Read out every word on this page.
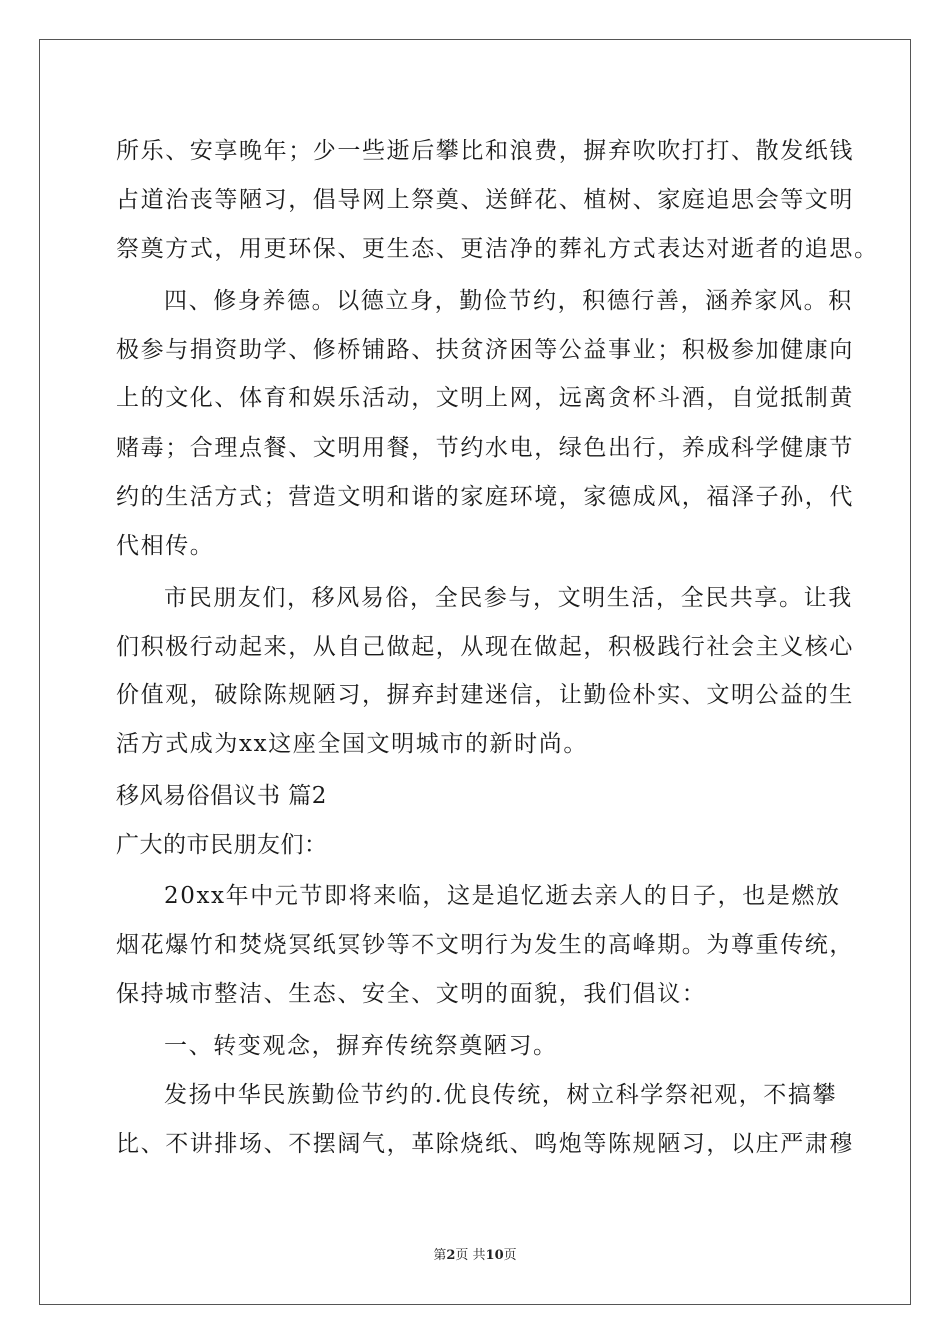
所乐、安享晚年；少一些逝后攀比和浪费，摒弃吹吹打打、散发纸钱
占道治丧等陋习，倡导网上祭奠、送鲜花、植树、家庭追思会等文明
祭奠方式，用更环保、更生态、更洁净的葬礼方式表达对逝者的追思。
四、修身养德。以德立身，勤俭节约，积德行善，涵养家风。积
极参与捐资助学、修桥铺路、扶贫济困等公益事业；积极参加健康向
上的文化、体育和娱乐活动，文明上网，远离贪杯斗酒，自觉抵制黄
赌毒；合理点餐、文明用餐，节约水电，绿色出行，养成科学健康节
约的生活方式；营造文明和谐的家庭环境，家德成风，福泽子孙，代
代相传。
市民朋友们，移风易俗，全民参与，文明生活，全民共享。让我
们积极行动起来，从自己做起，从现在做起，积极践行社会主义核心
价值观，破除陈规陋习，摒弃封建迷信，让勤俭朴实、文明公益的生
活方式成为xx这座全国文明城市的新时尚。
移风易俗倡议书 篇2
广大的市民朋友们：
20xx年中元节即将来临，这是追忆逝去亲人的日子，也是燃放
烟花爆竹和焚烧冥纸冥钞等不文明行为发生的高峰期。为尊重传统，
保持城市整洁、生态、安全、文明的面貌，我们倡议：
一、转变观念，摒弃传统祭奠陋习。
发扬中华民族勤俭节约的.优良传统，树立科学祭祀观，不搞攀
比、不讲排场、不摆阔气，革除烧纸、鸣炮等陈规陋习，以庄严肃穆
第2页 共10页
